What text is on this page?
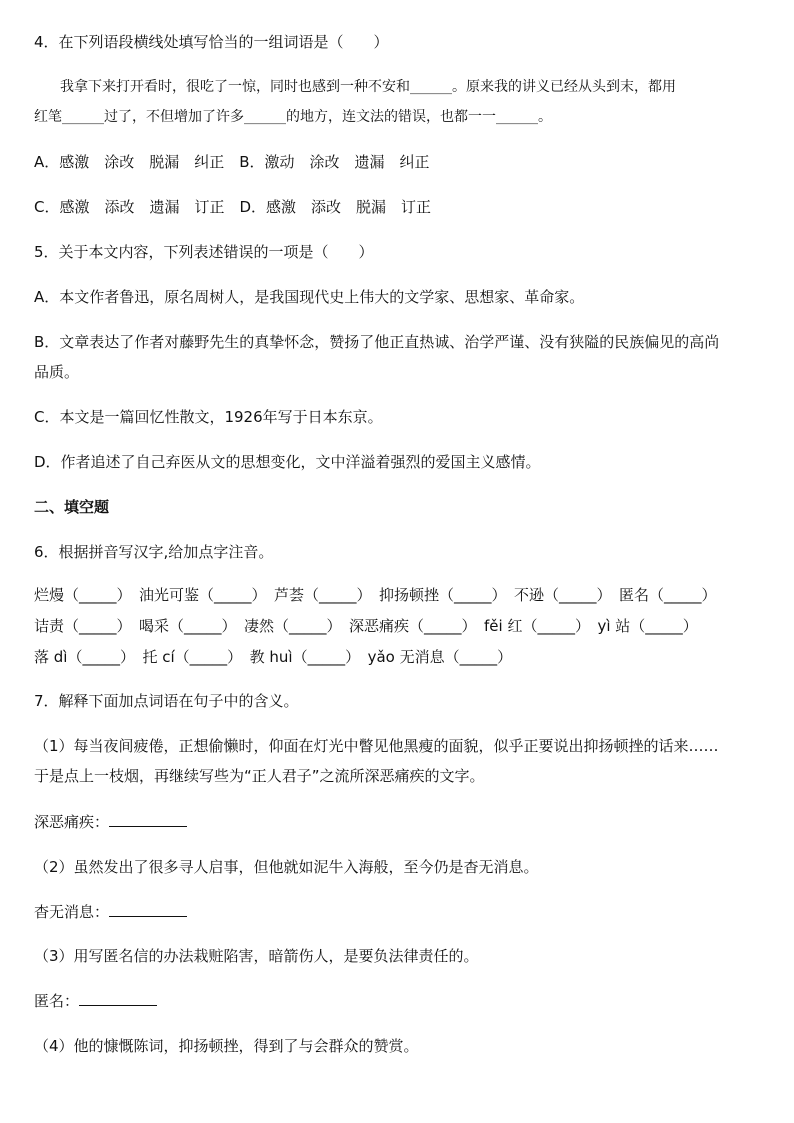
4．在下列语段横线处填写恰当的一组词语是（　　）
我拿下来打开看时，很吃了一惊，同时也感到一种不安和______。原来我的讲义已经从头到末，都用
红笔______过了，不但增加了许多______的地方，连文法的错误，也都一一______。
A．感激　涂改　脱漏　纠正　B．激动　涂改　遗漏　纠正
C．感激　添改　遗漏　订正　D．感激　添改　脱漏　订正
5．关于本文内容，下列表述错误的一项是（　　）
A．本文作者鲁迅，原名周树人，是我国现代史上伟大的文学家、思想家、革命家。
B．文章表达了作者对藤野先生的真挚怀念，赞扬了他正直热诚、治学严谨、没有狭隘的民族偏见的高尚
品质。
C．本文是一篇回忆性散文，1926年写于日本东京。
D．作者追述了自己弃医从文的思想变化，文中洋溢着强烈的爱国主义感情。
二、填空题
6．根据拼音写汉字,给加点字注音。
烂熳（_____）　油光可鉴（_____）　芦荟（_____）　抑扬顿挫（_____）　不逊（_____）　匿名（_____）
诘责（_____）　喝采（_____）　凄然（_____）　深恶痛疾（_____）　fěi 红（_____）　yì 站（_____）
落 dì（_____）　托 cí（_____）　教 huì（_____）　yǎo 无消息（_____）
7．解释下面加点词语在句子中的含义。
（1）每当夜间疲倦，正想偷懒时，仰面在灯光中瞥见他黑瘦的面貌，似乎正要说出抑扬顿挫的话来……
于是点上一枝烟，再继续写些为“正人君子”之流所深恶痛疾的文字。
深恶痛疾：
（2）虽然发出了很多寻人启事，但他就如泥牛入海般，至今仍是杳无消息。
杳无消息：
（3）用写匿名信的办法栽赃陷害，暗箭伤人，是要负法律责任的。
匿名：
（4）他的慷慨陈词，抑扬顿挫，得到了与会群众的赞赏。
